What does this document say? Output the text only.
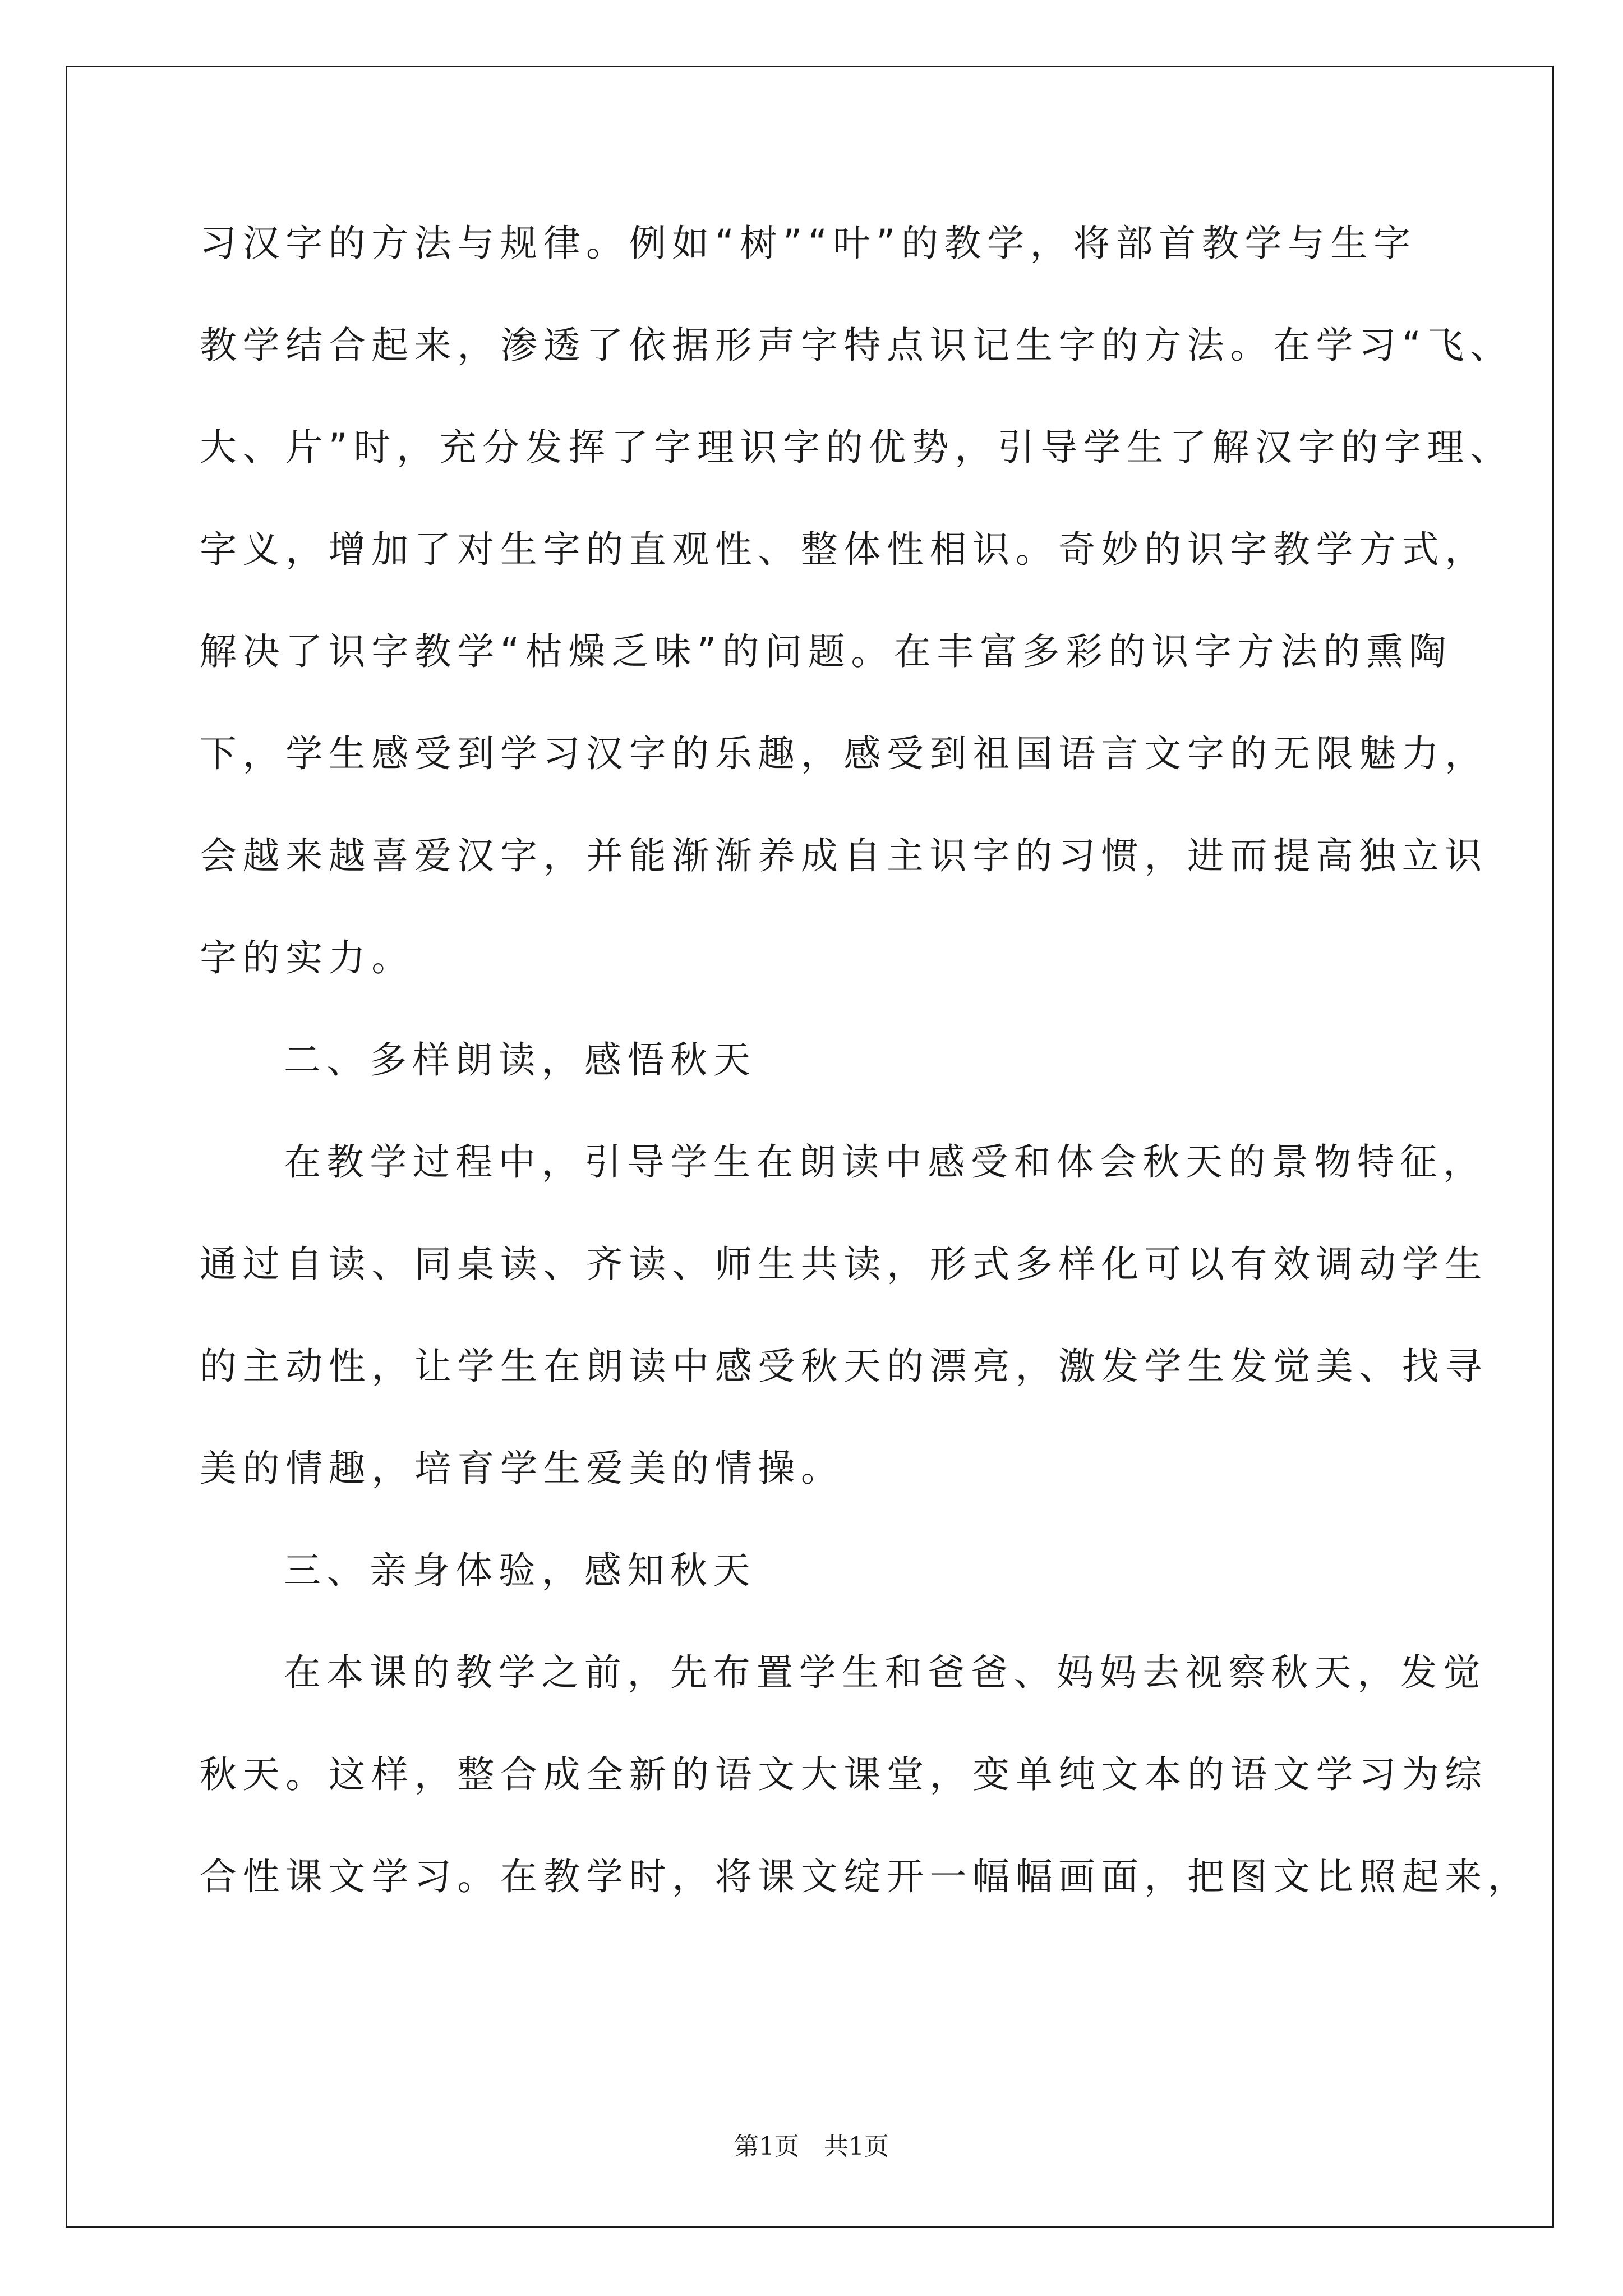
习汉字的方法与规律。例如“树”“叶”的教学，将部首教学与生字
教学结合起来，渗透了依据形声字特点识记生字的方法。在学习“飞、
大、片”时，充分发挥了字理识字的优势，引导学生了解汉字的字理、
字义，增加了对生字的直观性、整体性相识。奇妙的识字教学方式，
解决了识字教学“枯燥乏味”的问题。在丰富多彩的识字方法的熏陶
下，学生感受到学习汉字的乐趣，感受到祖国语言文字的无限魅力，
会越来越喜爱汉字，并能渐渐养成自主识字的习惯，进而提高独立识
字的实力。
二、多样朗读，感悟秋天
在教学过程中，引导学生在朗读中感受和体会秋天的景物特征，
通过自读、同桌读、齐读、师生共读，形式多样化可以有效调动学生
的主动性，让学生在朗读中感受秋天的漂亮，激发学生发觉美、找寻
美的情趣，培育学生爱美的情操。
三、亲身体验，感知秋天
在本课的教学之前，先布置学生和爸爸、妈妈去视察秋天，发觉
秋天。这样，整合成全新的语文大课堂，变单纯文本的语文学习为综
合性课文学习。在教学时，将课文绽开一幅幅画面，把图文比照起来，
第1页　共1页
